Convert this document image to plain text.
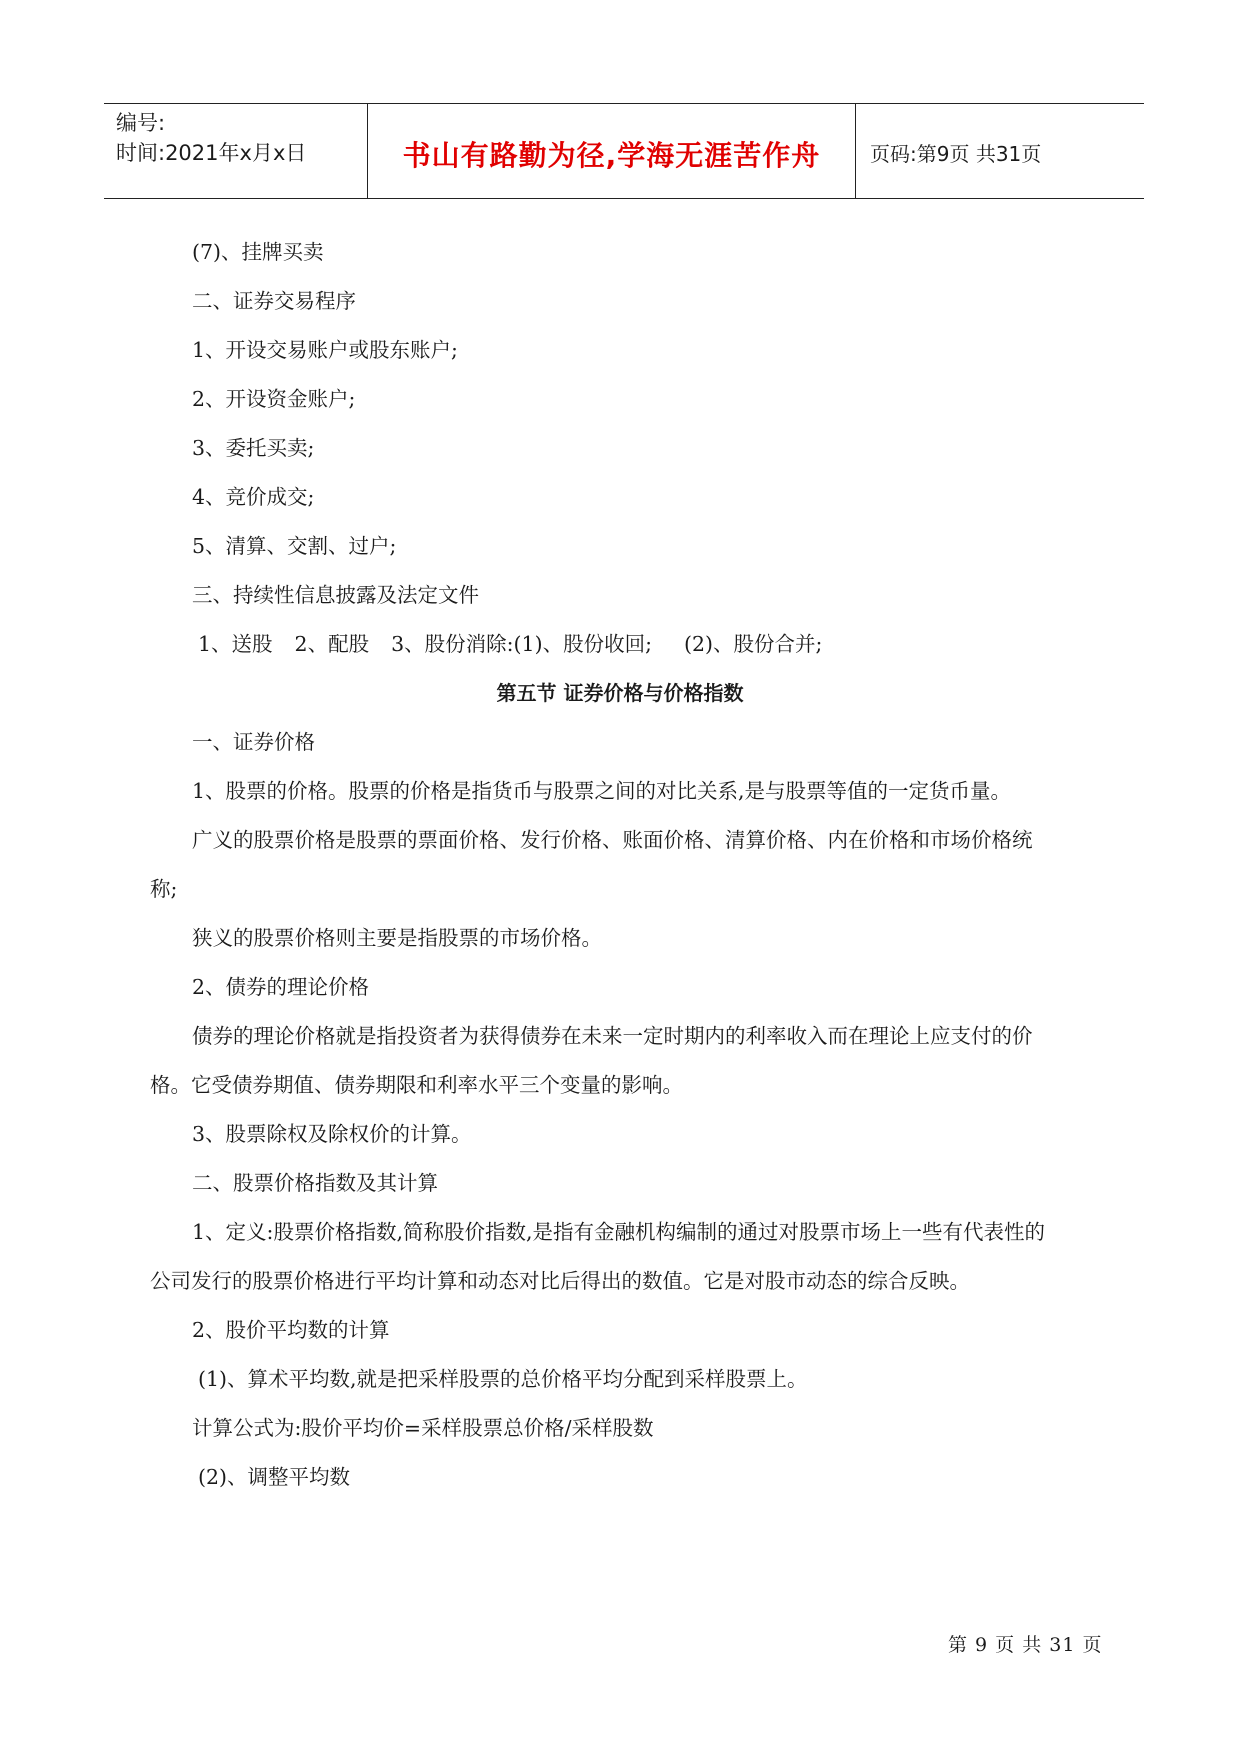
编号:
时间:2021年x月x日	书山有路勤为径,学海无涯苦作舟	页码:第9页 共31页

(7)、挂牌买卖

二、证券交易程序

1、开设交易账户或股东账户;

2、开设资金账户;

3、委托买卖;

4、竞价成交;

5、清算、交割、过户;

三、持续性信息披露及法定文件

1、送股 2、配股 3、股份消除:(1)、股份收回; (2)、股份合并;

第五节 证券价格与价格指数

一、证券价格

1、股票的价格。股票的价格是指货币与股票之间的对比关系,是与股票等值的一定货币量。

广义的股票价格是股票的票面价格、发行价格、账面价格、清算价格、内在价格和市场价格统称;

狭义的股票价格则主要是指股票的市场价格。

2、债券的理论价格

债券的理论价格就是指投资者为获得债券在未来一定时期内的利率收入而在理论上应支付的价格。它受债券期值、债券期限和利率水平三个变量的影响。

3、股票除权及除权价的计算。

二、股票价格指数及其计算

1、定义:股票价格指数,简称股价指数,是指有金融机构编制的通过对股票市场上一些有代表性的公司发行的股票价格进行平均计算和动态对比后得出的数值。它是对股市动态的综合反映。

2、股价平均数的计算

(1)、算术平均数,就是把采样股票的总价格平均分配到采样股票上。

计算公式为:股价平均价=采样股票总价格/采样股数

(2)、调整平均数

第 9 页 共 31 页
